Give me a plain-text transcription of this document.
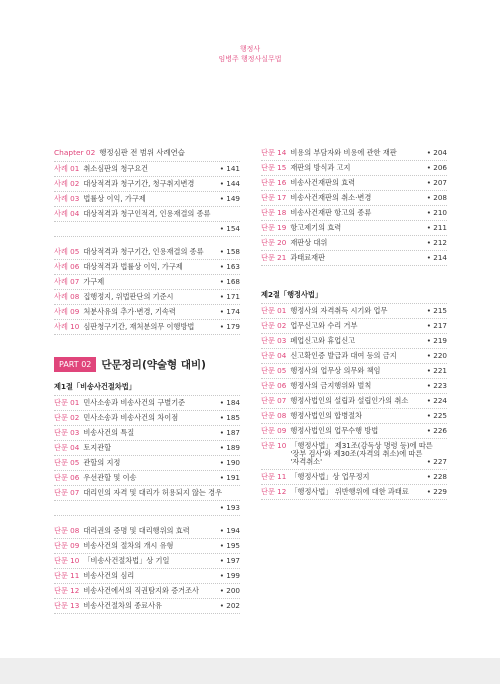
행정사
임병주 행정사실무법
Chapter 02 행정심판 전 범위 사례연습
사례 01 취소심판의 청구요건	• 141
사례 02 대상적격과 청구기간, 청구취지변경	• 144
사례 03 법률상 이익, 가구제	• 149
사례 04 대상적격과 청구인적격, 인용재결의 종류
• 154
사례 05 대상적격과 청구기간, 인용재결의 종류	• 158
사례 06 대상적격과 법률상 이익, 가구제	• 163
사례 07 가구제	• 168
사례 08 집행정지, 위법판단의 기준시	• 171
사례 09 처분사유의 추가·변경, 기속력	• 174
사례 10 심판청구기간, 재처분의무 이행방법	• 179
PART 02 단문정리(약술형 대비)
제1절「비송사건절차법」
단문 01 민사소송과 비송사건의 구별기준	• 184
단문 02 민사소송과 비송사건의 차이점	• 185
단문 03 비송사건의 특질	• 187
단문 04 토지관할	• 189
단문 05 관할의 지정	• 190
단문 06 우선관할 및 이송	• 191
단문 07 대리인의 자격 및 대리가 허용되지 않는 경우
• 193
단문 08 대리권의 증명 및 대리행위의 효력	• 194
단문 09 비송사건의 절차의 개시 유형	• 195
단문 10 「비송사건절차법」상 기일	• 197
단문 11 비송사건의 심리	• 199
단문 12 비송사건에서의 직권탐지와 증거조사	• 200
단문 13 비송사건절차의 종료사유	• 202
단문 14 비용의 부담자와 비용에 관한 재판	• 204
단문 15 재판의 방식과 고지	• 206
단문 16 비송사건재판의 효력	• 207
단문 17 비송사건재판의 취소·변경	• 208
단문 18 비송사건재판 항고의 종류	• 210
단문 19 항고제기의 효력	• 211
단문 20 재판상 대위	• 212
단문 21 과태료재판	• 214
제2절「행정사법」
단문 01 행정사의 자격취득 시기와 업무	• 215
단문 02 업무신고와 수리 거부	• 217
단문 03 폐업신고와 휴업신고	• 219
단문 04 신고확인증 발급과 대여 등의 금지	• 220
단문 05 행정사의 업무상 의무와 책임	• 221
단문 06 행정사의 금지행위와 벌칙	• 223
단문 07 행정사법인의 설립과 설립인가의 취소	• 224
단문 08 행정사법인의 합병절차	• 225
단문 09 행정사법인의 업무수행 방법	• 226
단문 10 「행정사법」 제31조(감독상 명령 등)에 따른
'장부 검사'와 제30조(자격의 취소)에 따른

'자격취소'	• 227
단문 11 「행정사법」상 업무정지	• 228
단문 12 「행정사법」 위반행위에 대한 과태료	• 229
